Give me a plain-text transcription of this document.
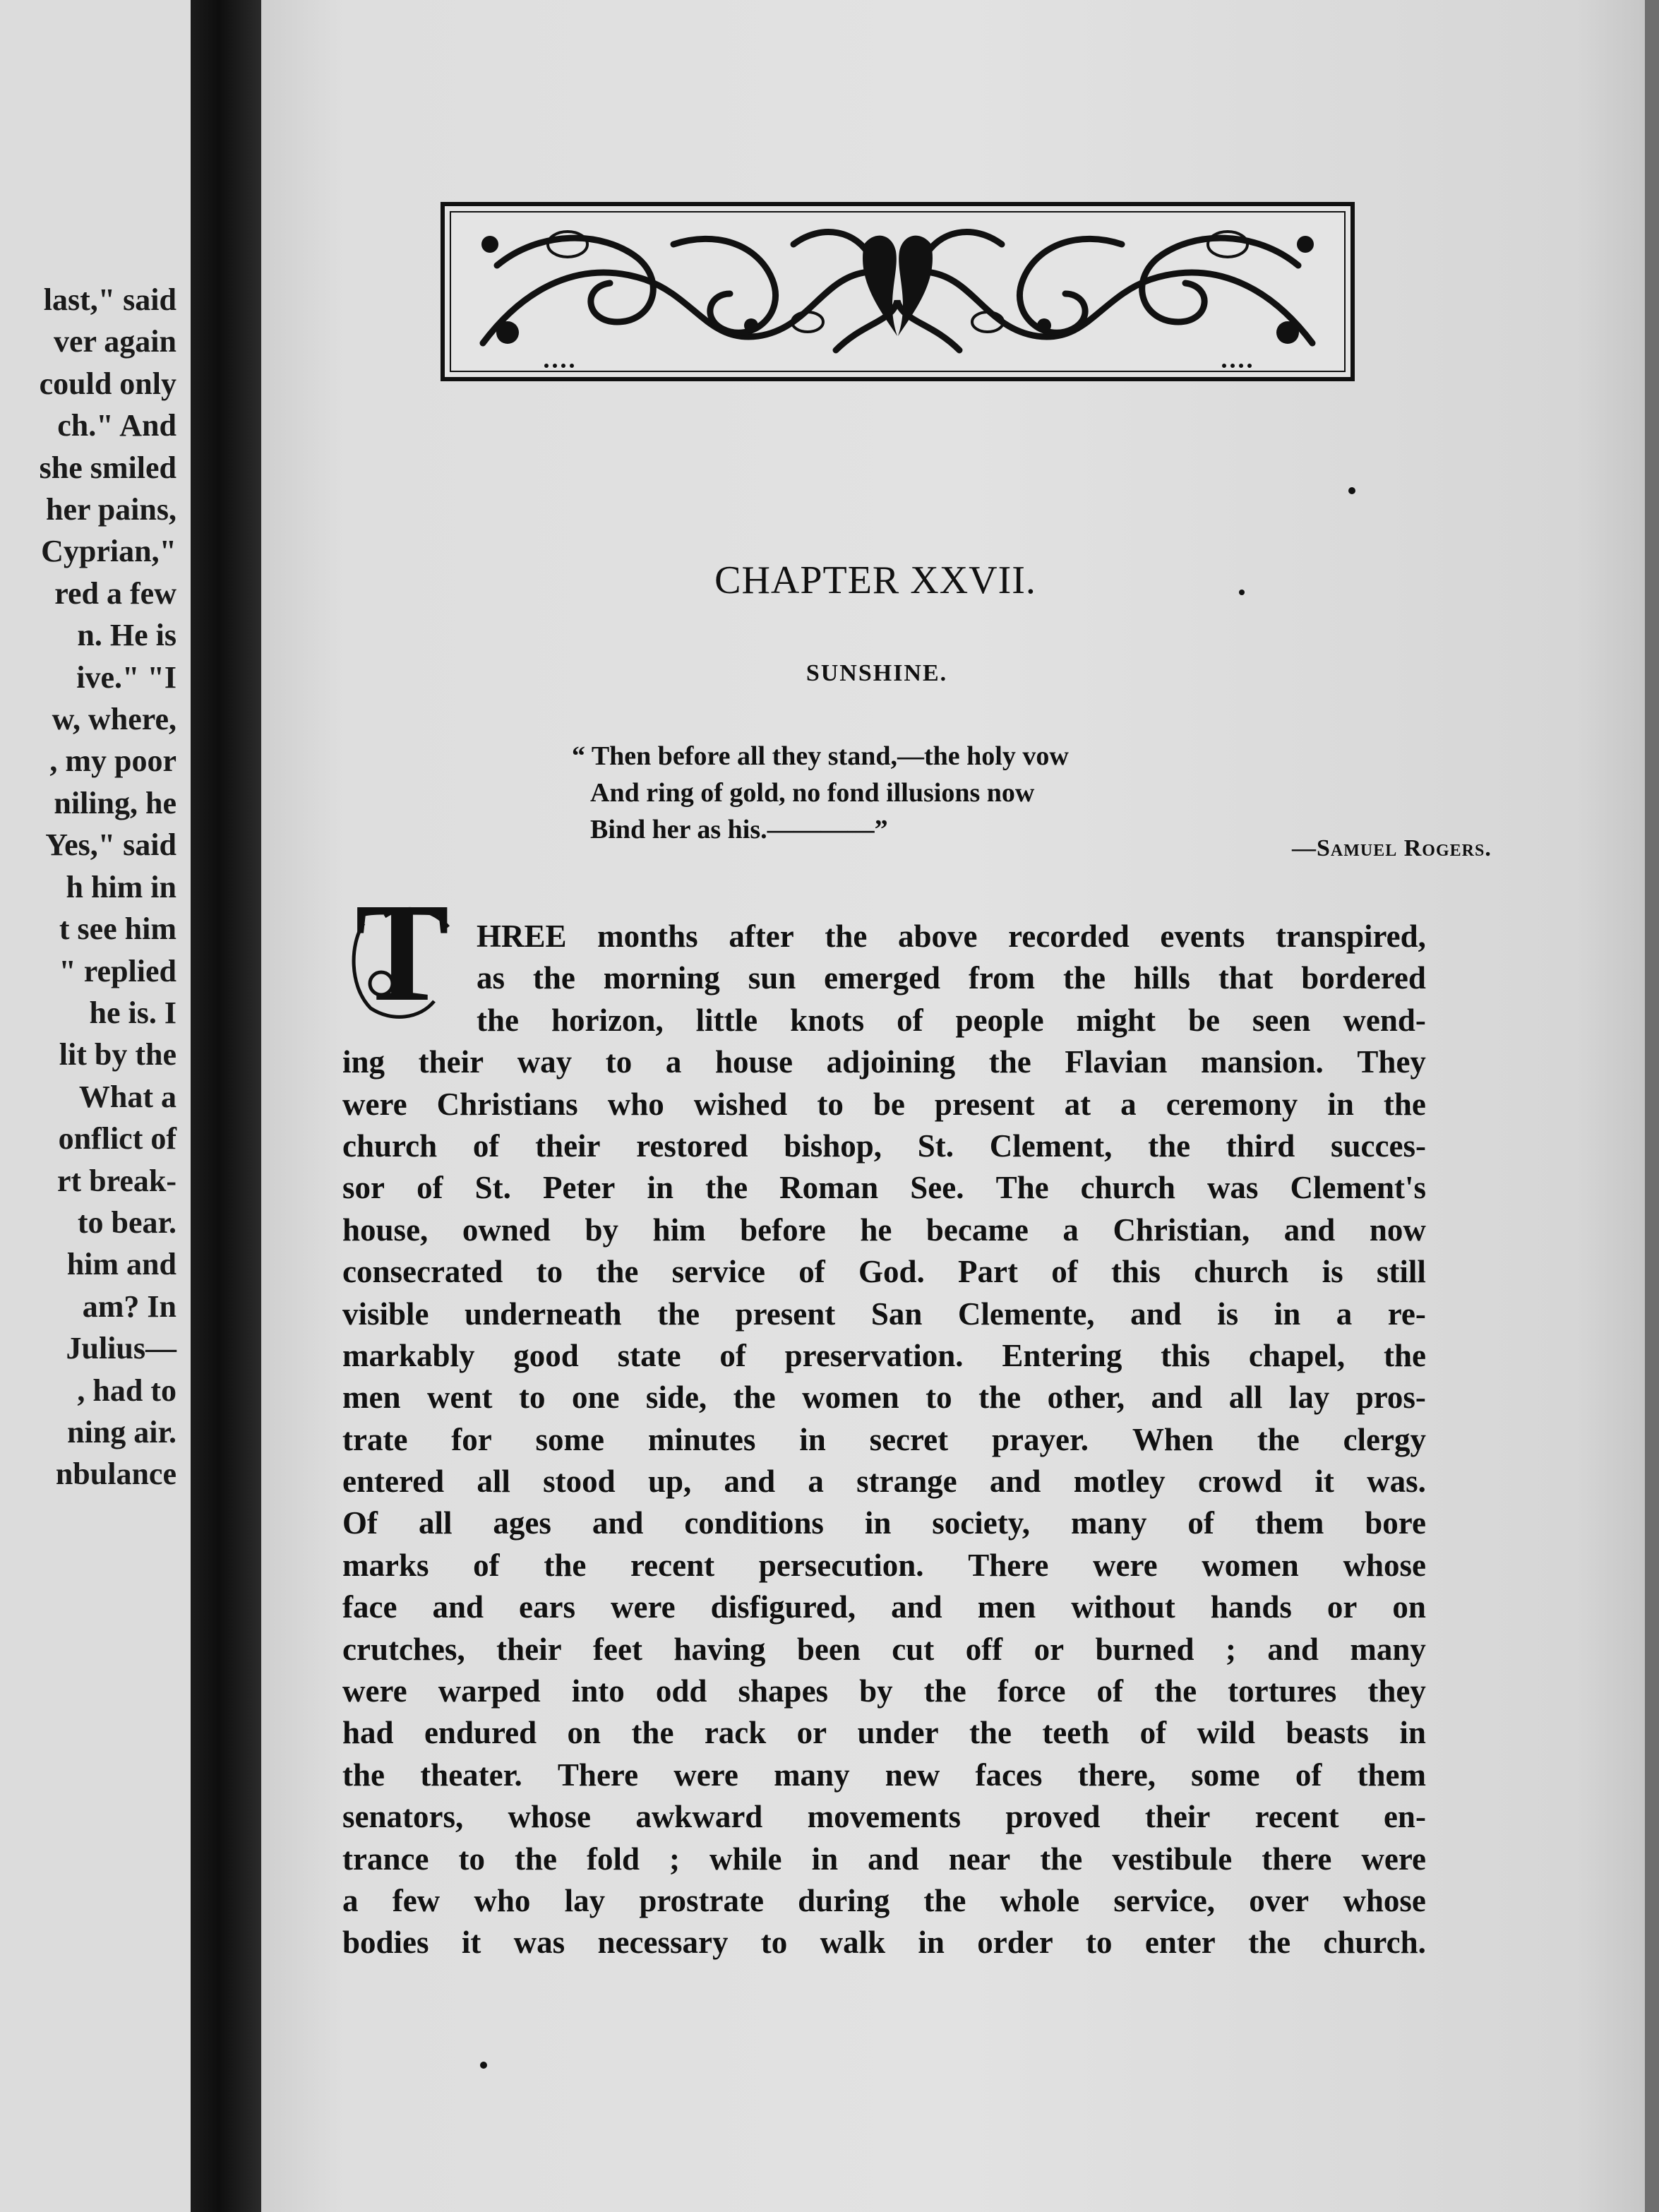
last," said
ver again
could only
ch." And
she smiled
her pains,
Cyprian,"
red a few
n. He is
ive." "I
w, where,
, my poor
niling, he
Yes," said
h him in
t see him
" replied
he is. I
lit by the
What a
onflict of
rt break-
to bear.
him and
am? In
Julius—
, had to
ning air.
nbulance
CHAPTER XXVII.
SUNSHINE.
“ Then before all they stand,—the holy vow
And ring of gold, no fond illusions now
Bind her as his.————”
—Samuel Rogers.
T HREE months after the above recorded events transpired,
as the morning sun emerged from the hills that bordered
the horizon, little knots of people might be seen wend-
ing their way to a house adjoining the Flavian mansion. They
were Christians who wished to be present at a ceremony in the
church of their restored bishop, St. Clement, the third succes-
sor of St. Peter in the Roman See. The church was Clement's
house, owned by him before he became a Christian, and now
consecrated to the service of God. Part of this church is still
visible underneath the present San Clemente, and is in a re-
markably good state of preservation. Entering this chapel, the
men went to one side, the women to the other, and all lay pros-
trate for some minutes in secret prayer. When the clergy
entered all stood up, and a strange and motley crowd it was.
Of all ages and conditions in society, many of them bore
marks of the recent persecution. There were women whose
face and ears were disfigured, and men without hands or on
crutches, their feet having been cut off or burned ; and many
were warped into odd shapes by the force of the tortures they
had endured on the rack or under the teeth of wild beasts in
the theater. There were many new faces there, some of them
senators, whose awkward movements proved their recent en-
trance to the fold ; while in and near the vestibule there were
a few who lay prostrate during the whole service, over whose
bodies it was necessary to walk in order to enter the church.
